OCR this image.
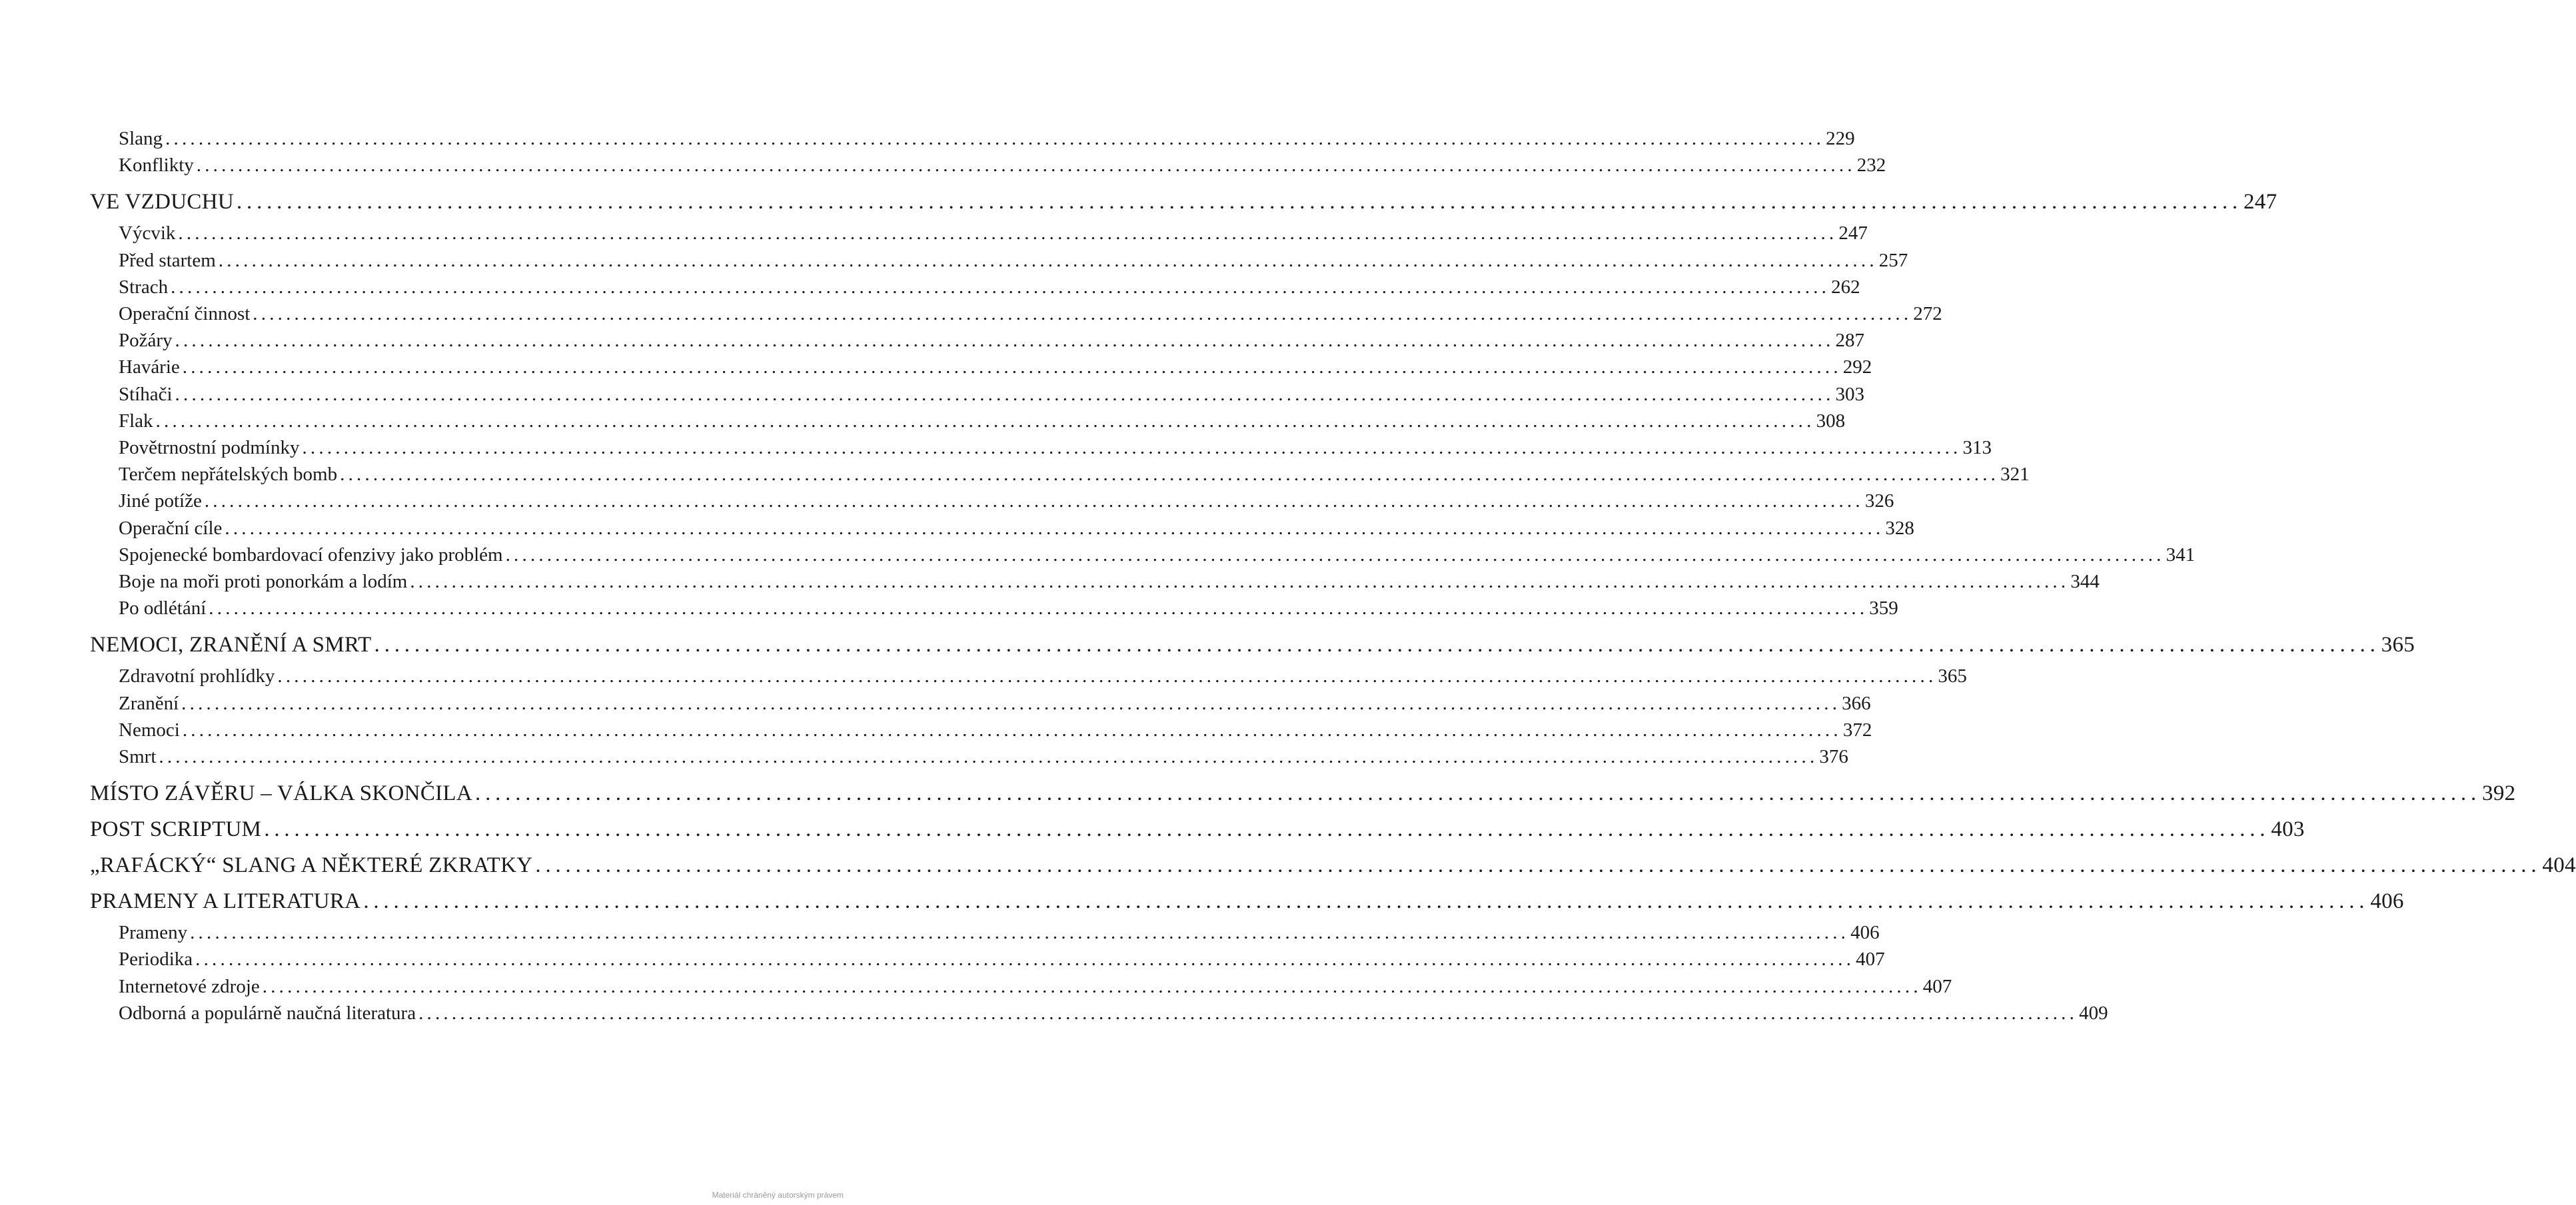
Slang ........................................................................................................................................................................................................ 229
Konflikty ........................................................................................................................................................................................................ 232
VE VZDUCHU ........................................................................................................................................................................................................ 247
Výcvik ........................................................................................................................................................................................................ 247
Před startem ........................................................................................................................................................................................................ 257
Strach ........................................................................................................................................................................................................ 262
Operační činnost ........................................................................................................................................................................................................ 272
Požáry ........................................................................................................................................................................................................ 287
Havárie ........................................................................................................................................................................................................ 292
Stíhači ........................................................................................................................................................................................................ 303
Flak ........................................................................................................................................................................................................ 308
Povětrnostní podmínky ........................................................................................................................................................................................................ 313
Terčem nepřátelských bomb ........................................................................................................................................................................................................ 321
Jiné potíže ........................................................................................................................................................................................................ 326
Operační cíle ........................................................................................................................................................................................................ 328
Spojenecké bombardovací ofenzivy jako problém ........................................................................................................................................................................................................ 341
Boje na moři proti ponorkám a lodím ........................................................................................................................................................................................................ 344
Po odlétání ........................................................................................................................................................................................................ 359
NEMOCI, ZRANĚNÍ A SMRT ........................................................................................................................................................................................................ 365
Zdravotní prohlídky ........................................................................................................................................................................................................ 365
Zranění ........................................................................................................................................................................................................ 366
Nemoci ........................................................................................................................................................................................................ 372
Smrt ........................................................................................................................................................................................................ 376
MÍSTO ZÁVĚRU – VÁLKA SKONČILA ........................................................................................................................................................................................................ 392
POST SCRIPTUM ........................................................................................................................................................................................................ 403
„RAFÁCKÝ“ SLANG A NĚKTERÉ ZKRATKY ........................................................................................................................................................................................................ 404
PRAMENY A LITERATURA ........................................................................................................................................................................................................ 406
Prameny ........................................................................................................................................................................................................ 406
Periodika ........................................................................................................................................................................................................ 407
Internetové zdroje ........................................................................................................................................................................................................ 407
Odborná a populárně naučná literatura ........................................................................................................................................................................................................ 409
Materiál chráněný autorským právem
